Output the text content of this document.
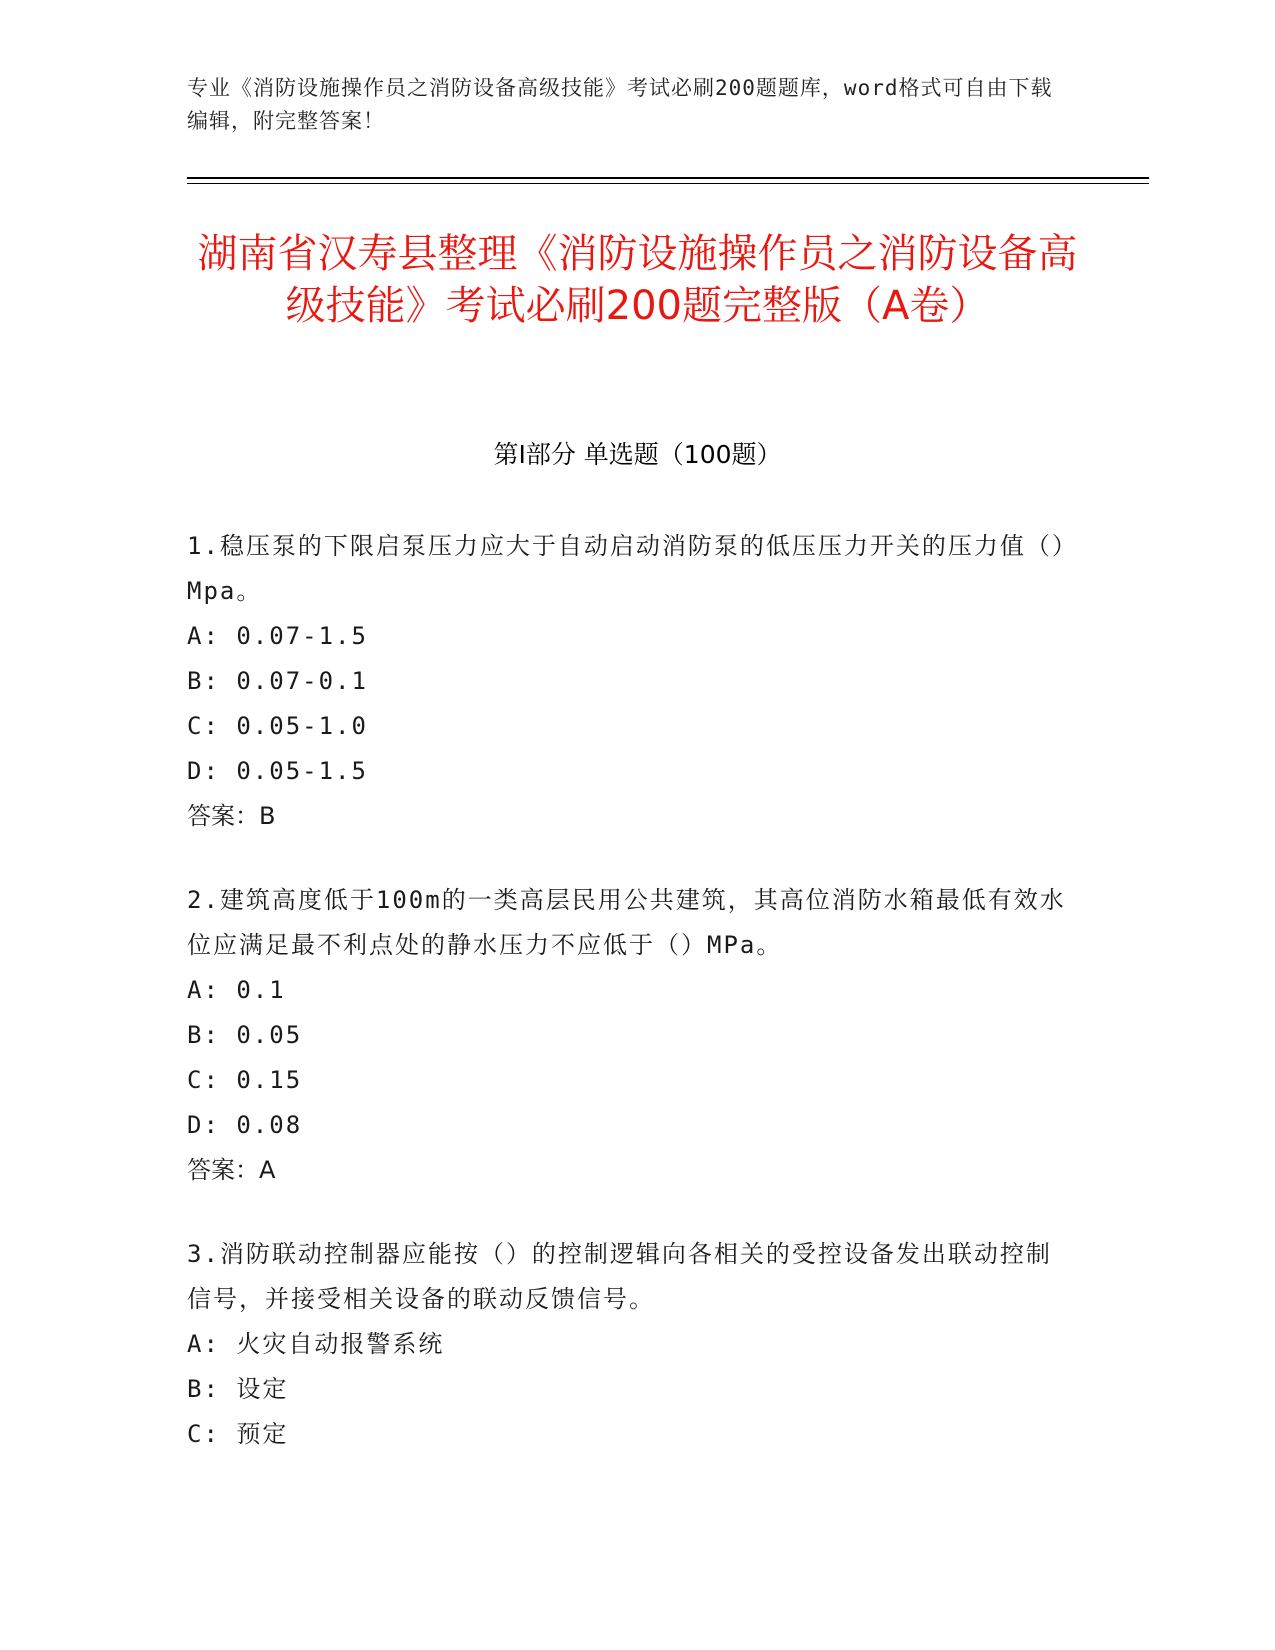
专业《消防设施操作员之消防设备高级技能》考试必刷200题题库，word格式可自由下载编辑，附完整答案！
湖南省汉寿县整理《消防设施操作员之消防设备高级技能》考试必刷200题完整版（A卷）
第I部分 单选题（100题）

1.稳压泵的下限启泵压力应大于自动启动消防泵的低压压力开关的压力值（）Mpa。

A: 0.07-1.5
B: 0.07-0.1
C: 0.05-1.0
D: 0.05-1.5

答案：B

2.建筑高度低于100m的一类高层民用公共建筑，其高位消防水箱最低有效水位应满足最不利点处的静水压力不应低于（）MPa。

A: 0.1
B: 0.05
C: 0.15
D: 0.08

答案：A

3.消防联动控制器应能按（）的控制逻辑向各相关的受控设备发出联动控制信号，并接受相关设备的联动反馈信号。

A: 火灾自动报警系统
B: 设定
C: 预定
